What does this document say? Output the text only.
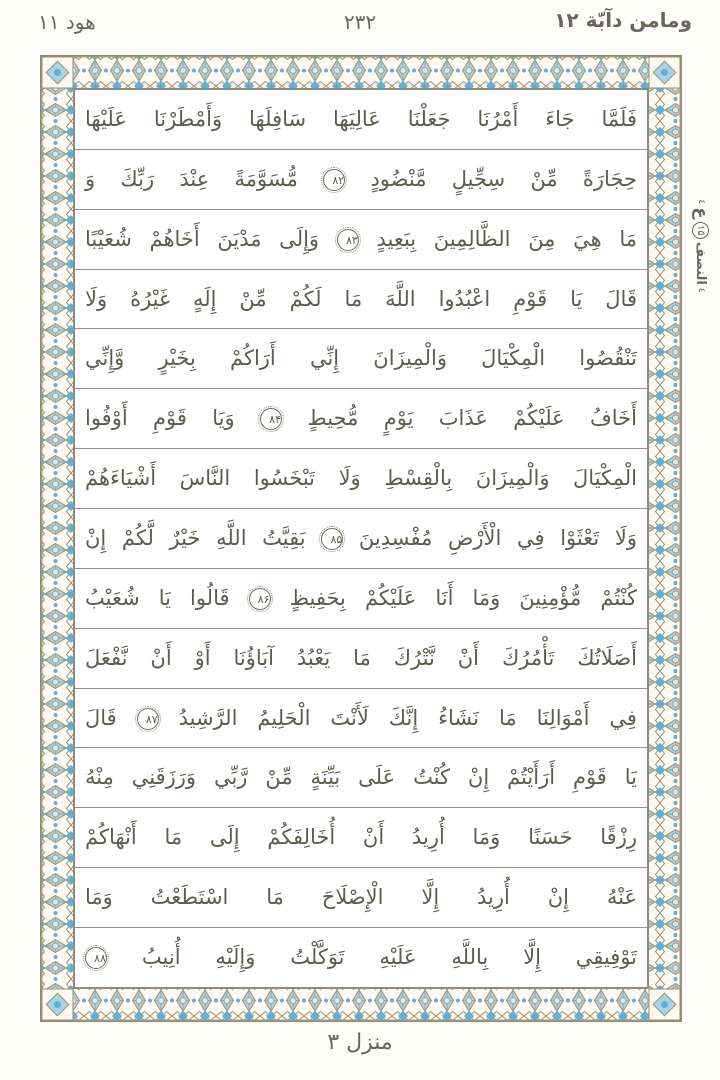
هود ۱۱	۲۳۲	ومامن دآبّة ۱۲
فَلَمَّا جَاءَ أَمْرُنَا جَعَلْنَا عَالِيَهَا سَافِلَهَا وَأَمْطَرْنَا عَلَيْهَا
حِجَارَةً مِّنْ سِجِّيلٍ مَّنْضُودٍ ۸۲ مُّسَوَّمَةً عِنْدَ رَبِّكَ وَ
مَا هِيَ مِنَ الظَّالِمِينَ بِبَعِيدٍ ۸۳ وَإِلَى مَدْيَنَ أَخَاهُمْ شُعَيْبًا
قَالَ يَا قَوْمِ اعْبُدُوا اللَّهَ مَا لَكُمْ مِّنْ إِلَهٍ غَيْرُهُ وَلَا
تَنْقُصُوا الْمِكْيَالَ وَالْمِيزَانَ إِنِّي أَرَاكُمْ بِخَيْرٍ وَّإِنِّي
أَخَافُ عَلَيْكُمْ عَذَابَ يَوْمٍ مُّحِيطٍ ۸۴ وَيَا قَوْمِ أَوْفُوا
الْمِكْيَالَ وَالْمِيزَانَ بِالْقِسْطِ وَلَا تَبْخَسُوا النَّاسَ أَشْيَاءَهُمْ
وَلَا تَعْثَوْا فِي الْأَرْضِ مُفْسِدِينَ ۸۵ بَقِيَّتُ اللَّهِ خَيْرٌ لَّكُمْ إِنْ
كُنْتُمْ مُّؤْمِنِينَ وَمَا أَنَا عَلَيْكُمْ بِحَفِيظٍ ۸۶ قَالُوا يَا شُعَيْبُ
أَصَلَاتُكَ تَأْمُرُكَ أَنْ نَّتْرُكَ مَا يَعْبُدُ آبَاؤُنَا أَوْ أَنْ نَّفْعَلَ
فِي أَمْوَالِنَا مَا نَشَاءُ إِنَّكَ لَأَنْتَ الْحَلِيمُ الرَّشِيدُ ۸۷ قَالَ
يَا قَوْمِ أَرَأَيْتُمْ إِنْ كُنْتُ عَلَى بَيِّنَةٍ مِّنْ رَّبِّي وَرَزَقَنِي مِنْهُ
رِزْقًا حَسَنًا وَمَا أُرِيدُ أَنْ أُخَالِفَكُمْ إِلَى مَا أَنْهَاكُمْ
عَنْهُ إِنْ أُرِيدُ إِلَّا الْإِصْلَاحَ مَا اسْتَطَعْتُ وَمَا
تَوْفِيقِي إِلَّا بِاللَّهِ عَلَيْهِ تَوَكَّلْتُ وَإِلَيْهِ أُنِيبُ ۸۸
٤
النصف
۱۵
ع
٤
منزل ۳
